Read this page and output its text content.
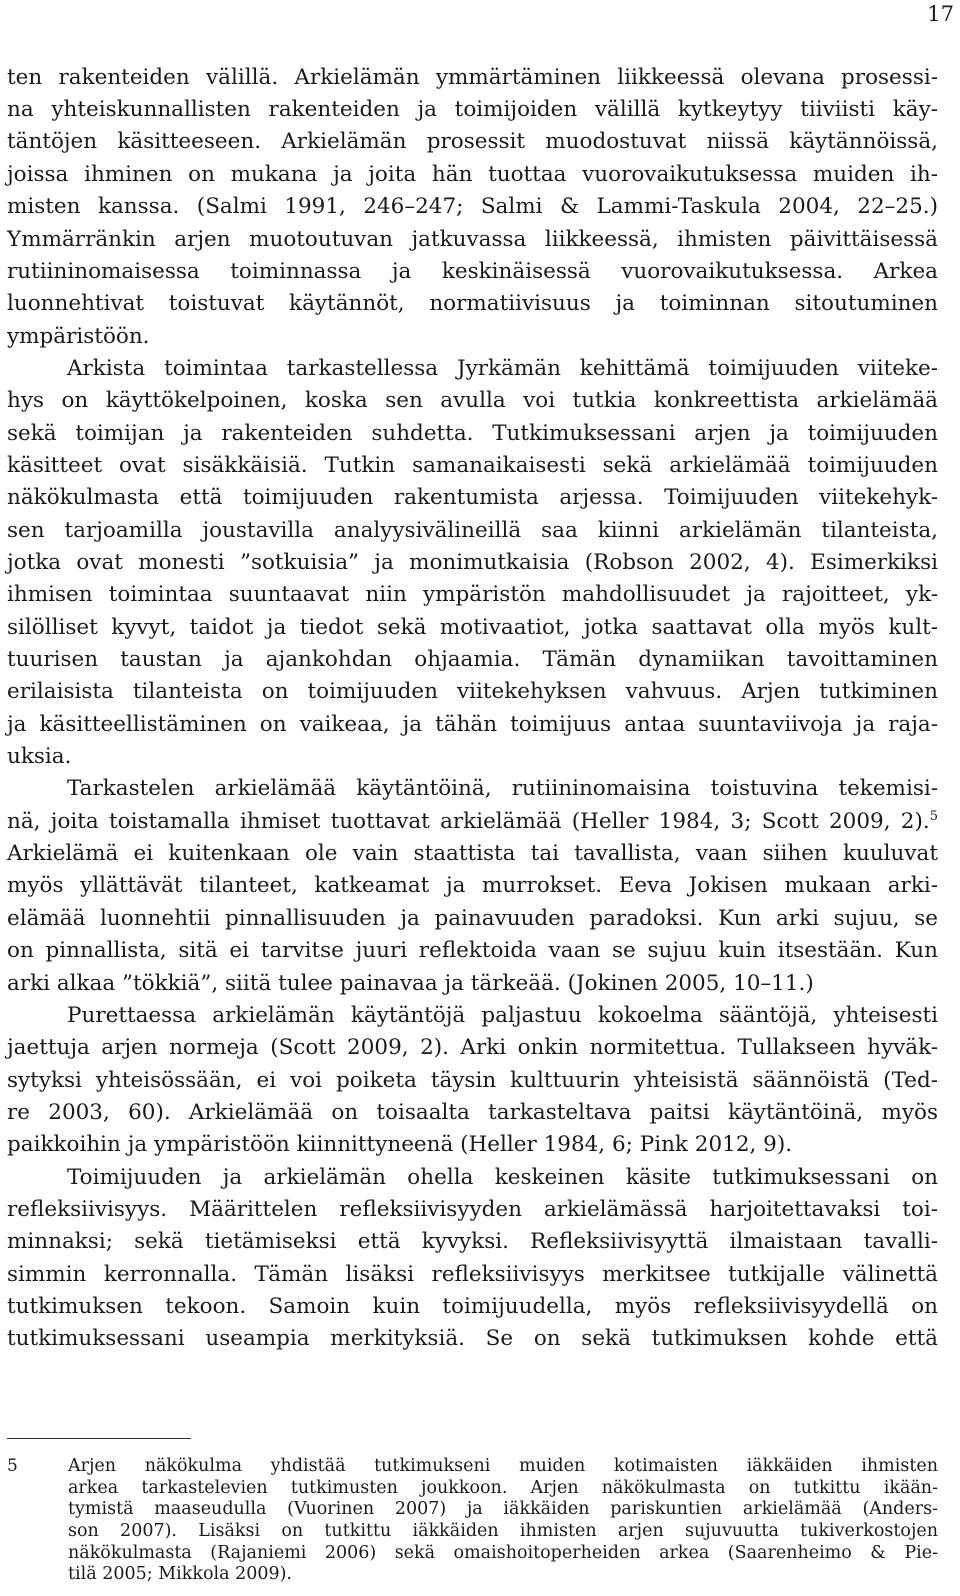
17
ten rakenteiden välillä. Arkielämän ymmärtäminen liikkeessä olevana prosessi-
na yhteiskunnallisten rakenteiden ja toimijoiden välillä kytkeytyy tiiviisti käy-
täntöjen käsitteeseen. Arkielämän prosessit muodostuvat niissä käytännöissä,
joissa ihminen on mukana ja joita hän tuottaa vuorovaikutuksessa muiden ih-
misten kanssa. (Salmi 1991, 246–247; Salmi & Lammi-Taskula 2004, 22–25.)
Ymmärränkin arjen muotoutuvan jatkuvassa liikkeessä, ihmisten päivittäisessä
rutiininomaisessa toiminnassa ja keskinäisessä vuorovaikutuksessa. Arkea
luonnehtivat toistuvat käytännöt, normatiivisuus ja toiminnan sitoutuminen
ympäristöön.
Arkista toimintaa tarkastellessa Jyrkämän kehittämä toimijuuden viiteke-
hys on käyttökelpoinen, koska sen avulla voi tutkia konkreettista arkielämää
sekä toimijan ja rakenteiden suhdetta. Tutkimuksessani arjen ja toimijuuden
käsitteet ovat sisäkkäisiä. Tutkin samanaikaisesti sekä arkielämää toimijuuden
näkökulmasta että toimijuuden rakentumista arjessa. Toimijuuden viitekehyk-
sen tarjoamilla joustavilla analyysivälineillä saa kiinni arkielämän tilanteista,
jotka ovat monesti ”sotkuisia” ja monimutkaisia (Robson 2002, 4). Esimerkiksi
ihmisen toimintaa suuntaavat niin ympäristön mahdollisuudet ja rajoitteet, yk-
silölliset kyvyt, taidot ja tiedot sekä motivaatiot, jotka saattavat olla myös kult-
tuurisen taustan ja ajankohdan ohjaamia. Tämän dynamiikan tavoittaminen
erilaisista tilanteista on toimijuuden viitekehyksen vahvuus. Arjen tutkiminen
ja käsitteellistäminen on vaikeaa, ja tähän toimijuus antaa suuntaviivoja ja raja-
uksia.
Tarkastelen arkielämää käytäntöinä, rutiininomaisina toistuvina tekemisi-
nä, joita toistamalla ihmiset tuottavat arkielämää (Heller 1984, 3; Scott 2009, 2).$^5$
Arkielämä ei kuitenkaan ole vain staattista tai tavallista, vaan siihen kuuluvat
myös yllättävät tilanteet, katkeamat ja murrokset. Eeva Jokisen mukaan arki-
elämää luonnehtii pinnallisuuden ja painavuuden paradoksi. Kun arki sujuu, se
on pinnallista, sitä ei tarvitse juuri reflektoida vaan se sujuu kuin itsestään. Kun
arki alkaa ”tökkiä”, siitä tulee painavaa ja tärkeää. (Jokinen 2005, 10–11.)
Purettaessa arkielämän käytäntöjä paljastuu kokoelma sääntöjä, yhteisesti
jaettuja arjen normeja (Scott 2009, 2). Arki onkin normitettua. Tullakseen hyväk-
sytyksi yhteisössään, ei voi poiketa täysin kulttuurin yhteisistä säännöistä (Ted-
re 2003, 60). Arkielämää on toisaalta tarkasteltava paitsi käytäntöinä, myös
paikkoihin ja ympäristöön kiinnittyneenä (Heller 1984, 6; Pink 2012, 9).
Toimijuuden ja arkielämän ohella keskeinen käsite tutkimuksessani on
refleksiivisyys. Määrittelen refleksiivisyyden arkielämässä harjoitettavaksi toi-
minnaksi; sekä tietämiseksi että kyvyksi. Refleksiivisyyttä ilmaistaan tavalli-
simmin kerronnalla. Tämän lisäksi refleksiivisyys merkitsee tutkijalle välinettä
tutkimuksen tekoon. Samoin kuin toimijuudella, myös refleksiivisyydellä on
tutkimuksessani useampia merkityksiä. Se on sekä tutkimuksen kohde että
5	Arjen näkökulma yhdistää tutkimukseni muiden kotimaisten iäkkäiden ihmisten
arkea tarkastelevien tutkimusten joukkoon. Arjen näkökulmasta on tutkittu ikään-
tymistä maaseudulla (Vuorinen 2007) ja iäkkäiden pariskuntien arkielämää (Anders-
son 2007). Lisäksi on tutkittu iäkkäiden ihmisten arjen sujuvuutta tukiverkostojen
näkökulmasta (Rajaniemi 2006) sekä omaishoitoperheiden arkea (Saarenheimo & Pie-
tilä 2005; Mikkola 2009).
